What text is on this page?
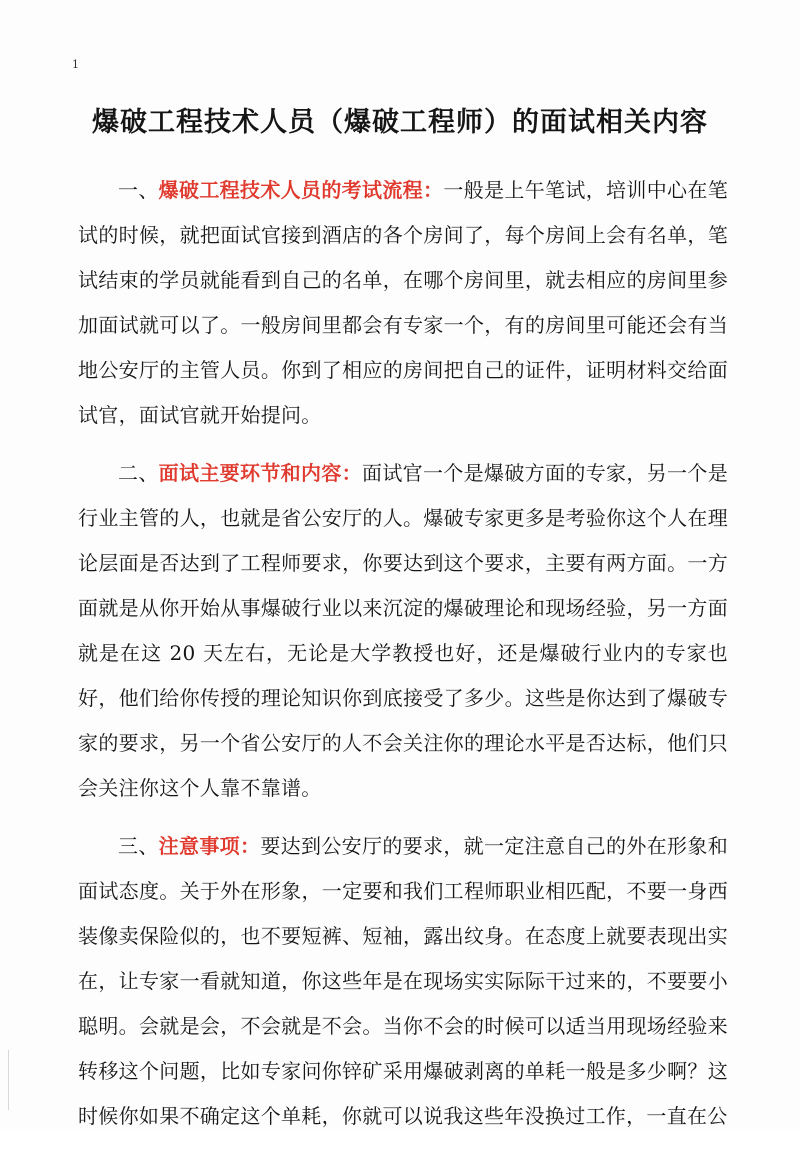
1
爆破工程技术人员（爆破工程师）的面试相关内容

一、爆破工程技术人员的考试流程：一般是上午笔试，培训中心在笔试的时候，就把面试官接到酒店的各个房间了，每个房间上会有名单，笔试结束的学员就能看到自己的名单，在哪个房间里，就去相应的房间里参加面试就可以了。一般房间里都会有专家一个，有的房间里可能还会有当地公安厅的主管人员。你到了相应的房间把自己的证件，证明材料交给面试官，面试官就开始提问。

二、面试主要环节和内容：面试官一个是爆破方面的专家，另一个是行业主管的人，也就是省公安厅的人。爆破专家更多是考验你这个人在理论层面是否达到了工程师要求，你要达到这个要求，主要有两方面。一方面就是从你开始从事爆破行业以来沉淀的爆破理论和现场经验，另一方面就是在这 20 天左右，无论是大学教授也好，还是爆破行业内的专家也好，他们给你传授的理论知识你到底接受了多少。这些是你达到了爆破专家的要求，另一个省公安厅的人不会关注你的理论水平是否达标，他们只会关注你这个人靠不靠谱。

三、注意事项：要达到公安厅的要求，就一定注意自己的外在形象和面试态度。关于外在形象，一定要和我们工程师职业相匹配，不要一身西装像卖保险似的，也不要短裤、短袖，露出纹身。在态度上就要表现出实在，让专家一看就知道，你这些年是在现场实实际际干过来的，不要要小聪明。会就是会，不会就是不会。当你不会的时候可以适当用现场经验来转移这个问题，比如专家问你锌矿采用爆破剥离的单耗一般是多少啊？这时候你如果不确定这个单耗，你就可以说我这些年没换过工作，一直在公
